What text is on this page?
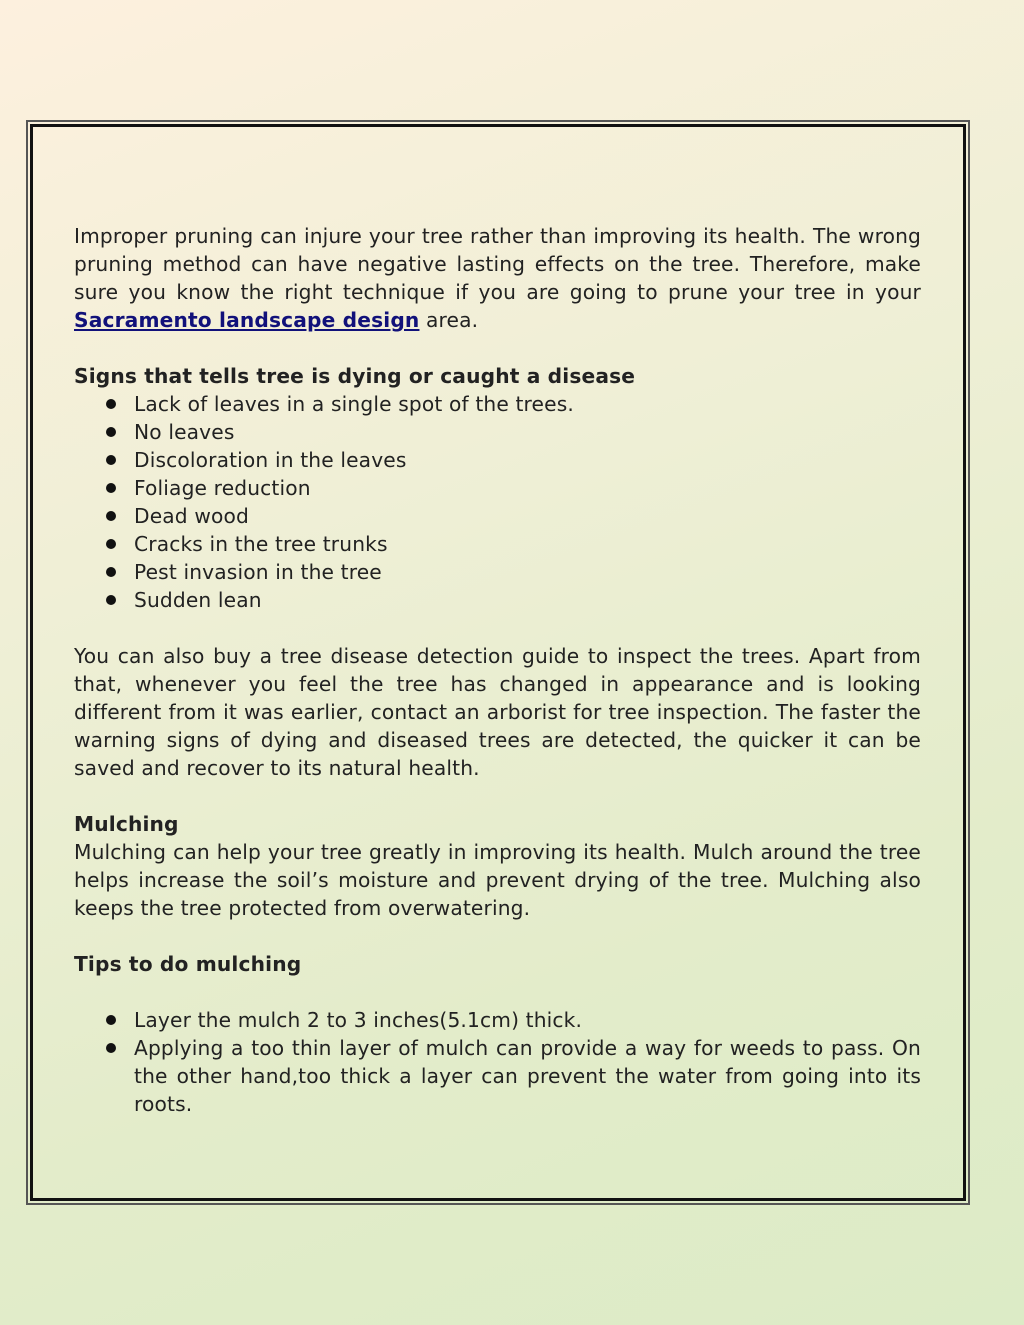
Improper pruning can injure your tree rather than improving its health. The wrong pruning method can have negative lasting effects on the tree. Therefore, make sure you know the right technique if you are going to prune your tree in your Sacramento landscape design area.

Signs that tells tree is dying or caught a disease

Lack of leaves in a single spot of the trees.
No leaves
Discoloration in the leaves
Foliage reduction
Dead wood
Cracks in the tree trunks
Pest invasion in the tree
Sudden lean

You can also buy a tree disease detection guide to inspect the trees. Apart from that, whenever you feel the tree has changed in appearance and is looking different from it was earlier, contact an arborist for tree inspection. The faster the warning signs of dying and diseased trees are detected, the quicker it can be saved and recover to its natural health.

Mulching

Mulching can help your tree greatly in improving its health. Mulch around the tree helps increase the soil’s moisture and prevent drying of the tree. Mulching also keeps the tree protected from overwatering.

Tips to do mulching

Layer the mulch 2 to 3 inches(5.1cm) thick.
Applying a too thin layer of mulch can provide a way for weeds to pass. On the other hand,too thick a layer can prevent the water from going into its roots.
